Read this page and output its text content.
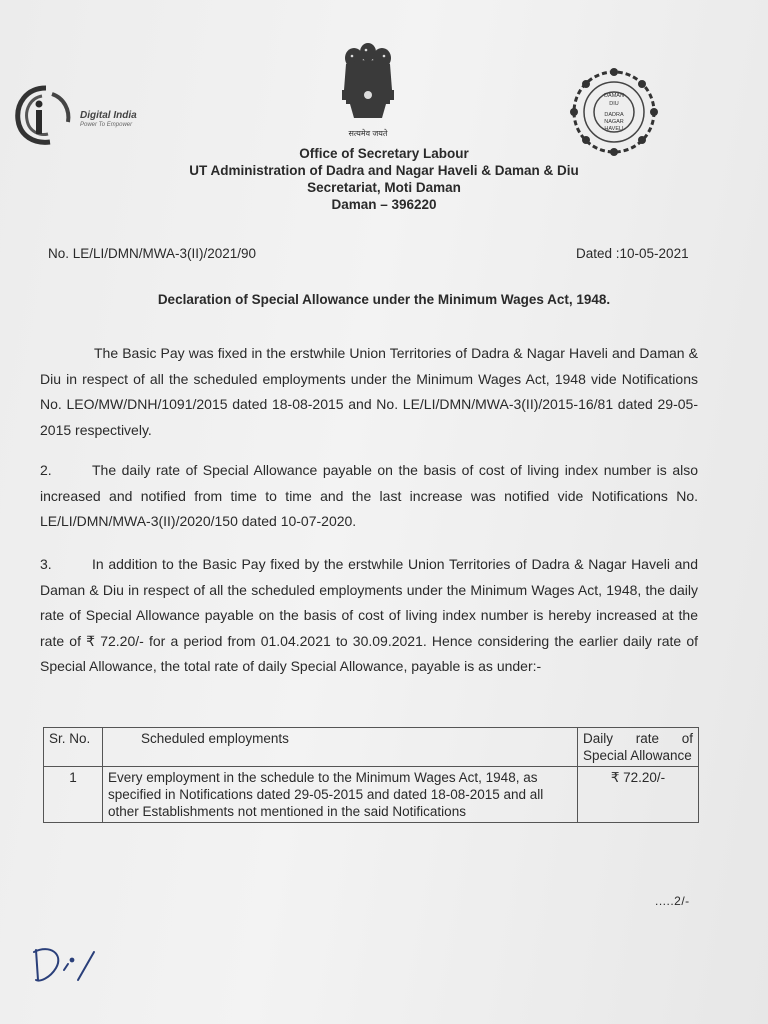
Digital India
Power To Empower
सत्यमेव जयते
DAMAN
DIU
DADRA
NAGAR
HAVELI
Office of Secretary Labour
UT Administration of Dadra and Nagar Haveli & Daman & Diu
Secretariat, Moti Daman
Daman – 396220
No. LE/LI/DMN/MWA-3(II)/2021/90	Dated :10-05-2021
Declaration of Special Allowance under the Minimum Wages Act, 1948.
The Basic Pay was fixed in the erstwhile Union Territories of Dadra & Nagar Haveli and Daman & Diu in respect of all the scheduled employments under the Minimum Wages Act, 1948 vide Notifications No. LEO/MW/DNH/1091/2015 dated 18-08-2015 and No. LE/LI/DMN/MWA-3(II)/2015-16/81 dated 29-05-2015 respectively.
2.	The daily rate of Special Allowance payable on the basis of cost of living index number is also increased and notified from time to time and the last increase was notified vide Notifications No. LE/LI/DMN/MWA-3(II)/2020/150 dated 10-07-2020.
3.	In addition to the Basic Pay fixed by the erstwhile Union Territories of Dadra & Nagar Haveli and Daman & Diu in respect of all the scheduled employments under the Minimum Wages Act, 1948, the daily rate of Special Allowance payable on the basis of cost of living index number is hereby increased at the rate of ₹ 72.20/- for a period from 01.04.2021 to 30.09.2021. Hence considering the earlier daily rate of Special Allowance, the total rate of daily Special Allowance, payable is as under:-
Sr. No.	Scheduled employments	Daily rate of Special Allowance
1	Every employment in the schedule to the Minimum Wages Act, 1948, as specified in Notifications dated 29-05-2015 and dated 18-08-2015 and all other Establishments not mentioned in the said Notifications	₹ 72.20/-
.....2/-
